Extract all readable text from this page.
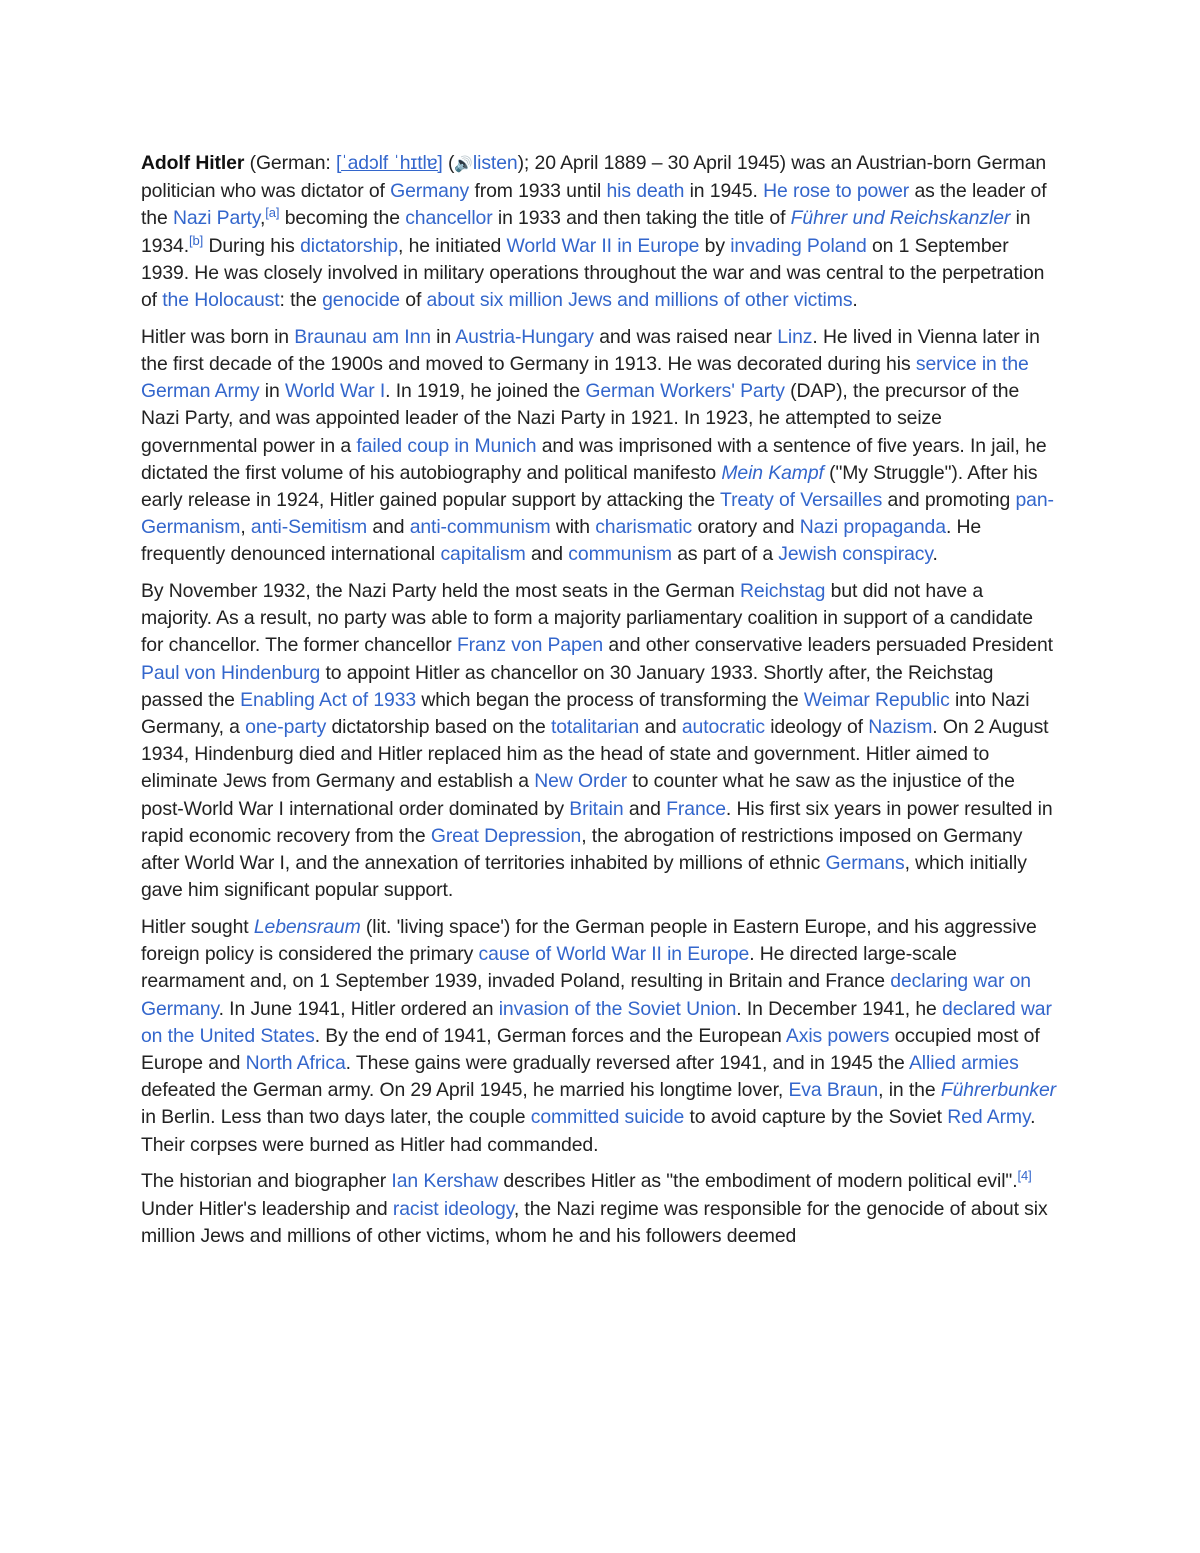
Adolf Hitler (German: [ˈadɔlf ˈhɪtlɐ] (🔊listen); 20 April 1889 – 30 April 1945) was an Austrian-born German politician who was dictator of Germany from 1933 until his death in 1945. He rose to power as the leader of the Nazi Party,[a] becoming the chancellor in 1933 and then taking the title of Führer und Reichskanzler in 1934.[b] During his dictatorship, he initiated World War II in Europe by invading Poland on 1 September 1939. He was closely involved in military operations throughout the war and was central to the perpetration of the Holocaust: the genocide of about six million Jews and millions of other victims.

Hitler was born in Braunau am Inn in Austria-Hungary and was raised near Linz. He lived in Vienna later in the first decade of the 1900s and moved to Germany in 1913. He was decorated during his service in the German Army in World War I. In 1919, he joined the German Workers' Party (DAP), the precursor of the Nazi Party, and was appointed leader of the Nazi Party in 1921. In 1923, he attempted to seize governmental power in a failed coup in Munich and was imprisoned with a sentence of five years. In jail, he dictated the first volume of his autobiography and political manifesto Mein Kampf ("My Struggle"). After his early release in 1924, Hitler gained popular support by attacking the Treaty of Versailles and promoting pan-Germanism, anti-Semitism and anti-communism with charismatic oratory and Nazi propaganda. He frequently denounced international capitalism and communism as part of a Jewish conspiracy.

By November 1932, the Nazi Party held the most seats in the German Reichstag but did not have a majority. As a result, no party was able to form a majority parliamentary coalition in support of a candidate for chancellor. The former chancellor Franz von Papen and other conservative leaders persuaded President Paul von Hindenburg to appoint Hitler as chancellor on 30 January 1933. Shortly after, the Reichstag passed the Enabling Act of 1933 which began the process of transforming the Weimar Republic into Nazi Germany, a one-party dictatorship based on the totalitarian and autocratic ideology of Nazism. On 2 August 1934, Hindenburg died and Hitler replaced him as the head of state and government. Hitler aimed to eliminate Jews from Germany and establish a New Order to counter what he saw as the injustice of the post-World War I international order dominated by Britain and France. His first six years in power resulted in rapid economic recovery from the Great Depression, the abrogation of restrictions imposed on Germany after World War I, and the annexation of territories inhabited by millions of ethnic Germans, which initially gave him significant popular support.

Hitler sought Lebensraum (lit. 'living space') for the German people in Eastern Europe, and his aggressive foreign policy is considered the primary cause of World War II in Europe. He directed large-scale rearmament and, on 1 September 1939, invaded Poland, resulting in Britain and France declaring war on Germany. In June 1941, Hitler ordered an invasion of the Soviet Union. In December 1941, he declared war on the United States. By the end of 1941, German forces and the European Axis powers occupied most of Europe and North Africa. These gains were gradually reversed after 1941, and in 1945 the Allied armies defeated the German army. On 29 April 1945, he married his longtime lover, Eva Braun, in the Führerbunker in Berlin. Less than two days later, the couple committed suicide to avoid capture by the Soviet Red Army. Their corpses were burned as Hitler had commanded.

The historian and biographer Ian Kershaw describes Hitler as "the embodiment of modern political evil".[4] Under Hitler's leadership and racist ideology, the Nazi regime was responsible for the genocide of about six million Jews and millions of other victims, whom he and his followers deemed
